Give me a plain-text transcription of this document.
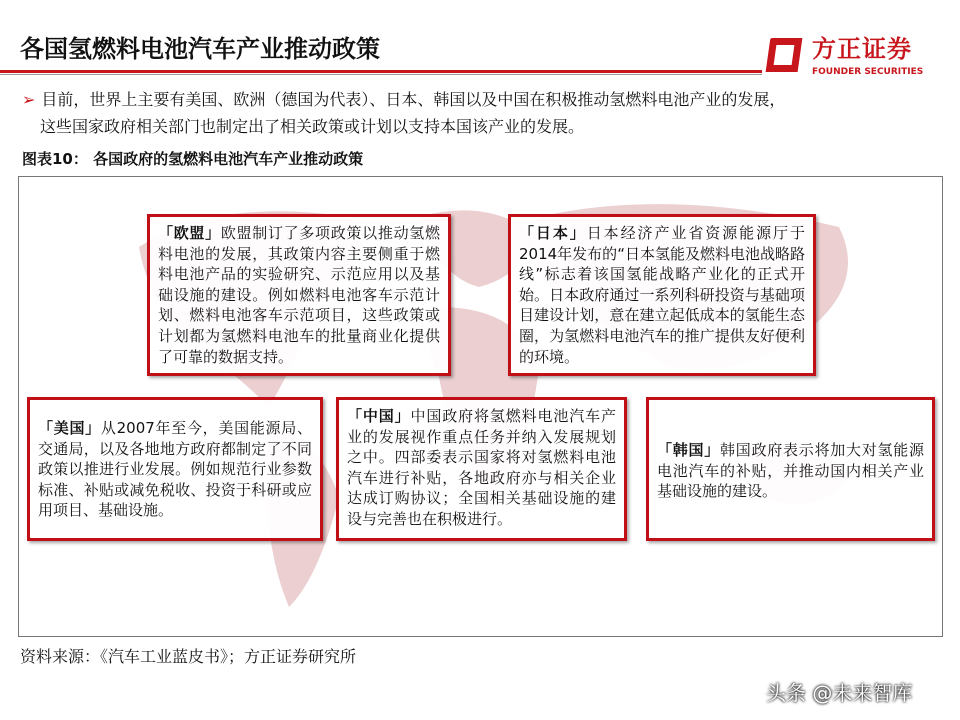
各国氢燃料电池汽车产业推动政策	方正证券
FOUNDER SECURITIES
➢ 目前，世界上主要有美国、欧洲（德国为代表）、日本、韩国以及中国在积极推动氢燃料电池产业的发展，
这些国家政府相关部门也制定出了相关政策或计划以支持本国该产业的发展。
图表10： 各国政府的氢燃料电池汽车产业推动政策
「欧盟」欧盟制订了多项政策以推动氢燃料电池的发展，其政策内容主要侧重于燃料电池产品的实验研究、示范应用以及基础设施的建设。例如燃料电池客车示范计划、燃料电池客车示范项目，这些政策或计划都为氢燃料电池车的批量商业化提供了可靠的数据支持。
「日本」日本经济产业省资源能源厅于2014年发布的“日本氢能及燃料电池战略路线”标志着该国氢能战略产业化的正式开始。日本政府通过一系列科研投资与基础项目建设计划，意在建立起低成本的氢能生态圈，为氢燃料电池汽车的推广提供友好便利的环境。
「美国」从2007年至今，美国能源局、交通局，以及各地地方政府都制定了不同政策以推进行业发展。例如规范行业参数标准、补贴或减免税收、投资于科研或应用项目、基础设施。
「中国」中国政府将氢燃料电池汽车产业的发展视作重点任务并纳入发展规划之中。四部委表示国家将对氢燃料电池汽车进行补贴，各地政府亦与相关企业达成订购协议；全国相关基础设施的建设与完善也在积极进行。
「韩国」韩国政府表示将加大对氢能源电池汽车的补贴，并推动国内相关产业基础设施的建设。
资料来源：《汽车工业蓝皮书》；方正证券研究所
头条 @未来智库
